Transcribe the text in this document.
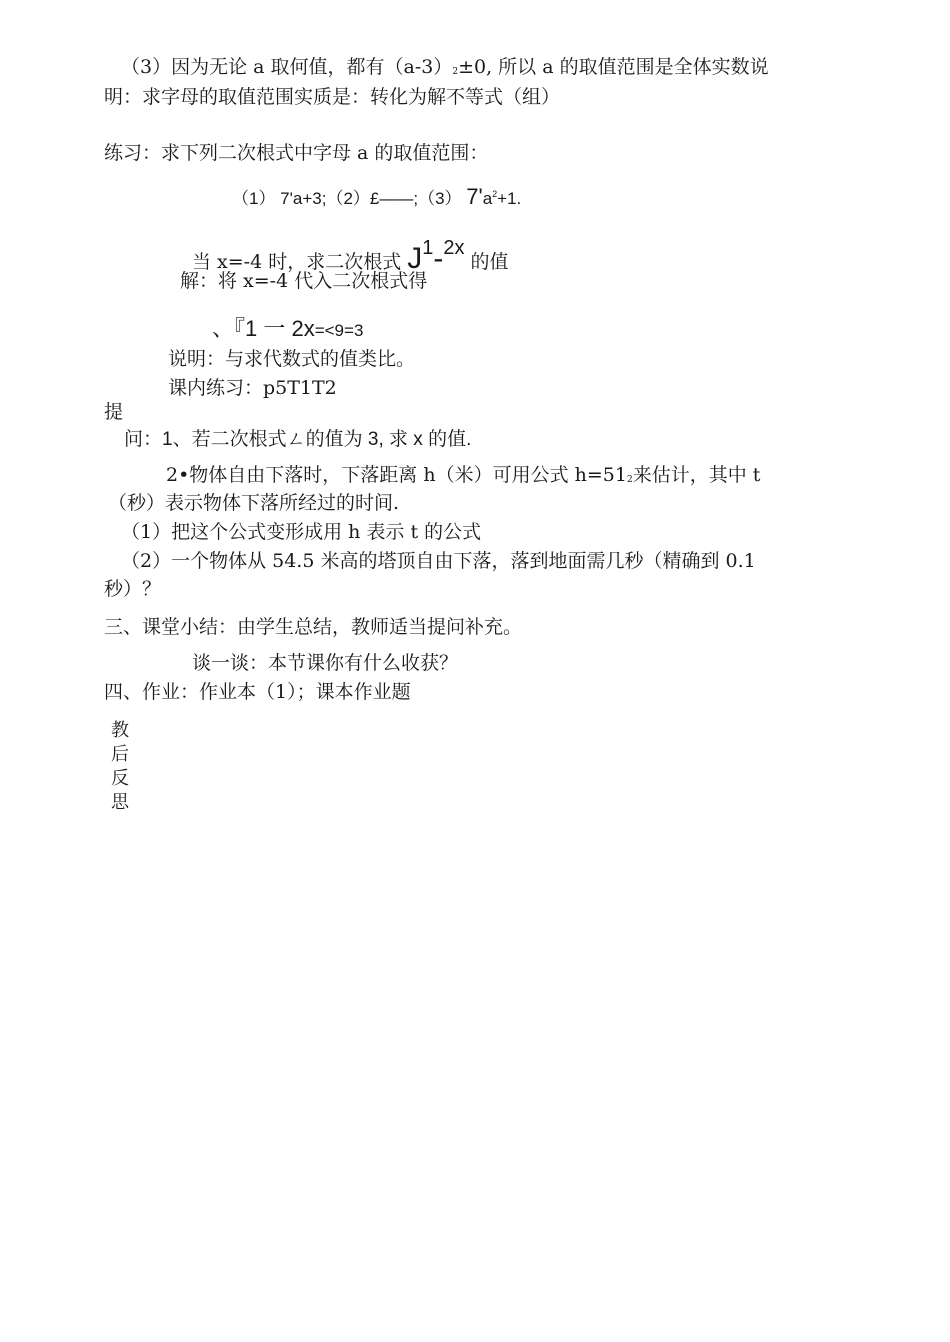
（3）因为无论 a 取何值，都有（a-3）2±0, 所以 a 的取值范围是全体实数说
明：求字母的取值范围实质是：转化为解不等式（组）
练习：求下列二次根式中字母 a 的取值范围：
（1） 7'a+3;（2）£——;（3） $7'a^2+1$.
当 x=-4 时，求二次根式 J1-2x 的值
解：将 x=-4 代入二次根式得
、『1 一 2x=<9=3
说明：与求代数式的值类比。
课内练习：p5T1T2
提
问：1、若二次根式ㄥ的值为 3, 求 x 的值.
2•物体自由下落时，下落距离 h（米）可用公式 h=512来估计，其中 t
（秒）表示物体下落所经过的时间.
（1）把这个公式变形成用 h 表示 t 的公式
（2）一个物体从 54.5 米高的塔顶自由下落，落到地面需几秒（精确到 0.1
秒）？
三、课堂小结：由学生总结，教师适当提问补充。
谈一谈：本节课你有什么收获？
四、作业：作业本（1）；课本作业题
教
后
反
思
